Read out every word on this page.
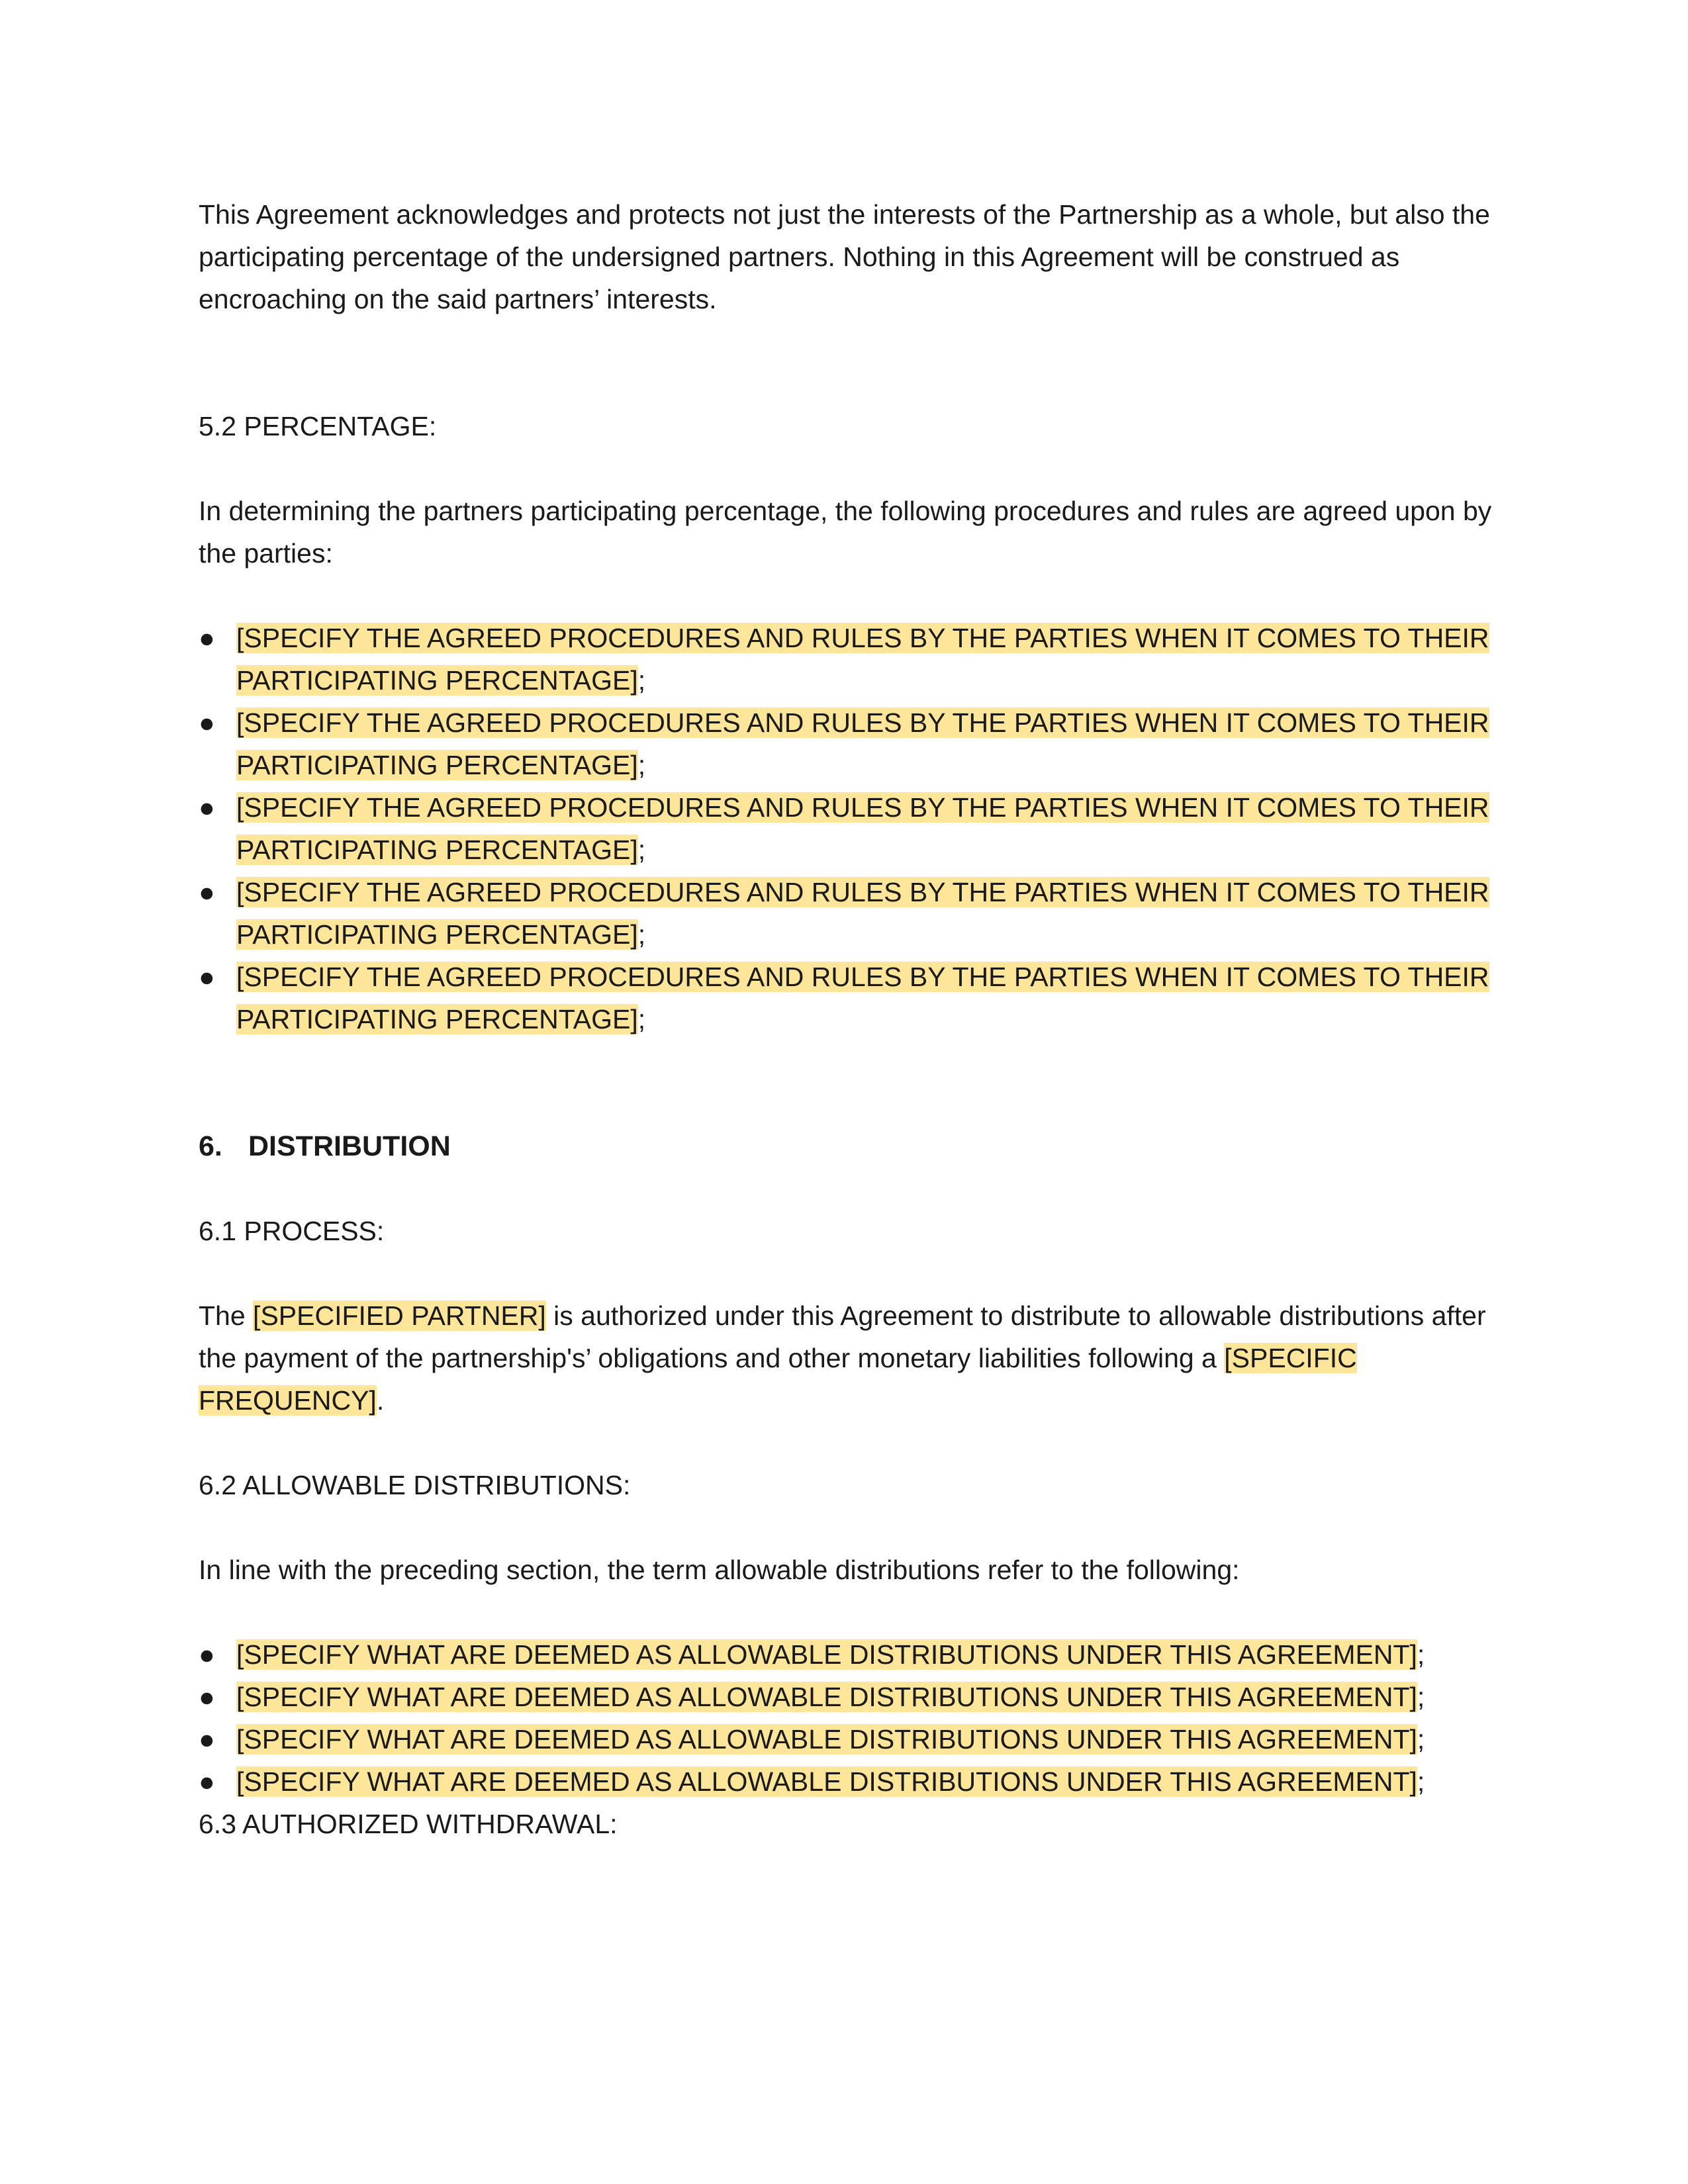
This Agreement acknowledges and protects not just the interests of the Partnership as a whole, but also the participating percentage of the undersigned partners. Nothing in this Agreement will be construed as encroaching on the said partners’ interests.

5.2 PERCENTAGE:

In determining the partners participating percentage, the following procedures and rules are agreed upon by the parties:

● [SPECIFY THE AGREED PROCEDURES AND RULES BY THE PARTIES WHEN IT COMES TO THEIR PARTICIPATING PERCENTAGE];
● [SPECIFY THE AGREED PROCEDURES AND RULES BY THE PARTIES WHEN IT COMES TO THEIR PARTICIPATING PERCENTAGE];
● [SPECIFY THE AGREED PROCEDURES AND RULES BY THE PARTIES WHEN IT COMES TO THEIR PARTICIPATING PERCENTAGE];
● [SPECIFY THE AGREED PROCEDURES AND RULES BY THE PARTIES WHEN IT COMES TO THEIR PARTICIPATING PERCENTAGE];
● [SPECIFY THE AGREED PROCEDURES AND RULES BY THE PARTIES WHEN IT COMES TO THEIR PARTICIPATING PERCENTAGE];
6. DISTRIBUTION

6.1 PROCESS:

The [SPECIFIED PARTNER] is authorized under this Agreement to distribute to allowable distributions after the payment of the partnership's’ obligations and other monetary liabilities following a [SPECIFIC FREQUENCY].

6.2 ALLOWABLE DISTRIBUTIONS:

In line with the preceding section, the term allowable distributions refer to the following:

● [SPECIFY WHAT ARE DEEMED AS ALLOWABLE DISTRIBUTIONS UNDER THIS AGREEMENT];
● [SPECIFY WHAT ARE DEEMED AS ALLOWABLE DISTRIBUTIONS UNDER THIS AGREEMENT];
● [SPECIFY WHAT ARE DEEMED AS ALLOWABLE DISTRIBUTIONS UNDER THIS AGREEMENT];
● [SPECIFY WHAT ARE DEEMED AS ALLOWABLE DISTRIBUTIONS UNDER THIS AGREEMENT];

6.3 AUTHORIZED WITHDRAWAL:
